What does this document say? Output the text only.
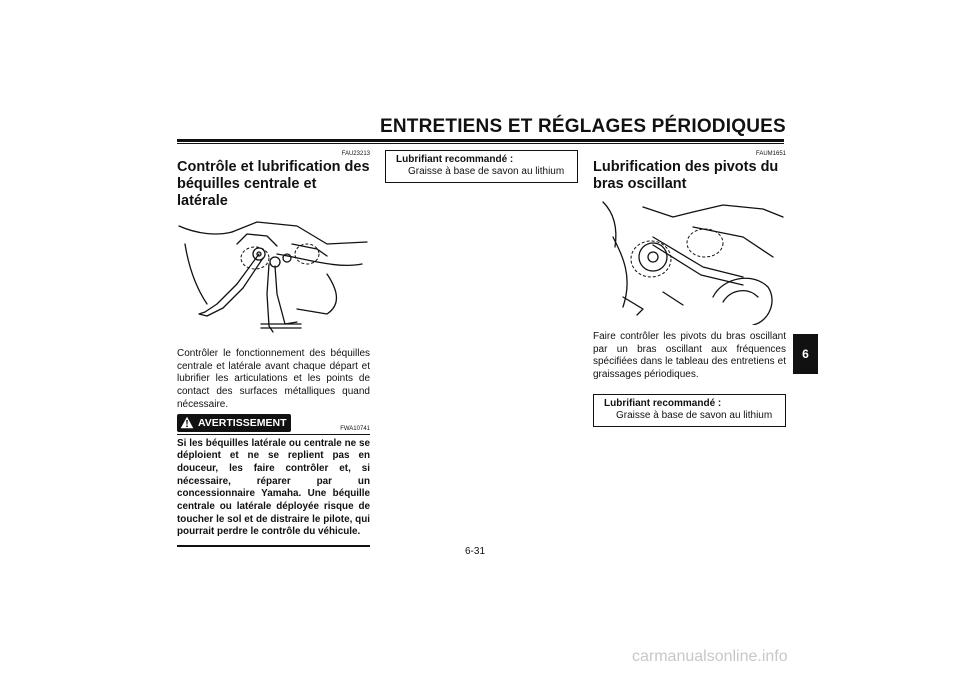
ENTRETIENS ET RÉGLAGES PÉRIODIQUES
FAU23213
Contrôle et lubrification des béquilles centrale et latérale

Contrôler le fonctionnement des béquilles centrale et latérale avant chaque départ et lubrifier les articulations et les points de contact des surfaces métalliques quand nécessaire.

AVERTISSEMENT	FWA10741

Si les béquilles latérale ou centrale ne se déploient et ne se replient pas en douceur, les faire contrôler et, si nécessaire, réparer par un concessionnaire Yamaha. Une béquille centrale ou latérale déployée risque de toucher le sol et de distraire le pilote, qui pourrait perdre le contrôle du véhicule.

Lubrifiant recommandé :
Graisse à base de savon au lithium
FAUM1651
Lubrification des pivots du bras oscillant

Faire contrôler les pivots du bras oscillant par un bras oscillant aux fréquences spécifiées dans le tableau des entretiens et graissages périodiques.

Lubrifiant recommandé :
Graisse à base de savon au lithium
6
6-31
carmanualsonline.info
